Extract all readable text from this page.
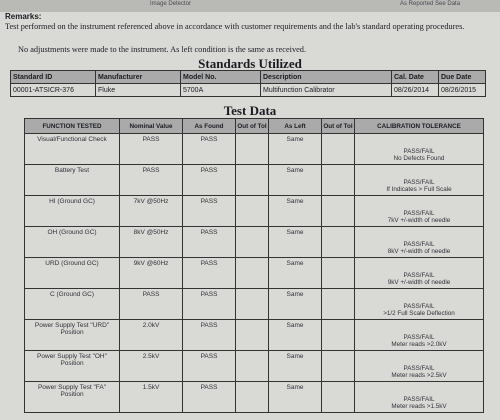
Image Detector	As Reported See Data
Remarks:
Test performed on the instrument referenced above in accordance with customer requirements and the lab's standard operating procedures.
No adjustments were made to the instrument. As left condition is the same as received.
Standards Utilized
Standard ID	Manufacturer	Model No.	Description	Cal. Date	Due Date
00001-ATSICR-376	Fluke	5700A	Multifunction Calibrator	08/26/2014	08/26/2015
Test Data
FUNCTION TESTED	Nominal Value	As Found	Out of Tol	As Left	Out of Tol	CALIBRATION TOLERANCE
Visual/Functional Check	PASS	PASS		Same		PASS/FAIL
No Defects Found

Battery Test	PASS	PASS		Same		PASS/FAIL
If Indicates > Full Scale

HI (Ground GC)	7kV @50Hz	PASS		Same		PASS/FAIL
7kV +/-width of needle

OH (Ground GC)	8kV @50Hz	PASS		Same		PASS/FAIL
8kV +/-width of needle

URD (Ground GC)	9kV @60Hz	PASS		Same		PASS/FAIL
9kV +/-width of needle

C (Ground GC)	PASS	PASS		Same		PASS/FAIL
>1/2 Full Scale Deflection

Power Supply Test "URD" Position	2.0kV	PASS		Same		PASS/FAIL
Meter reads >2.0kV

Power Supply Test "OH" Position	2.5kV	PASS		Same		PASS/FAIL
Meter reads >2.5kV

Power Supply Test "FA" Position	1.5kV	PASS		Same		PASS/FAIL
Meter reads >1.5kV
